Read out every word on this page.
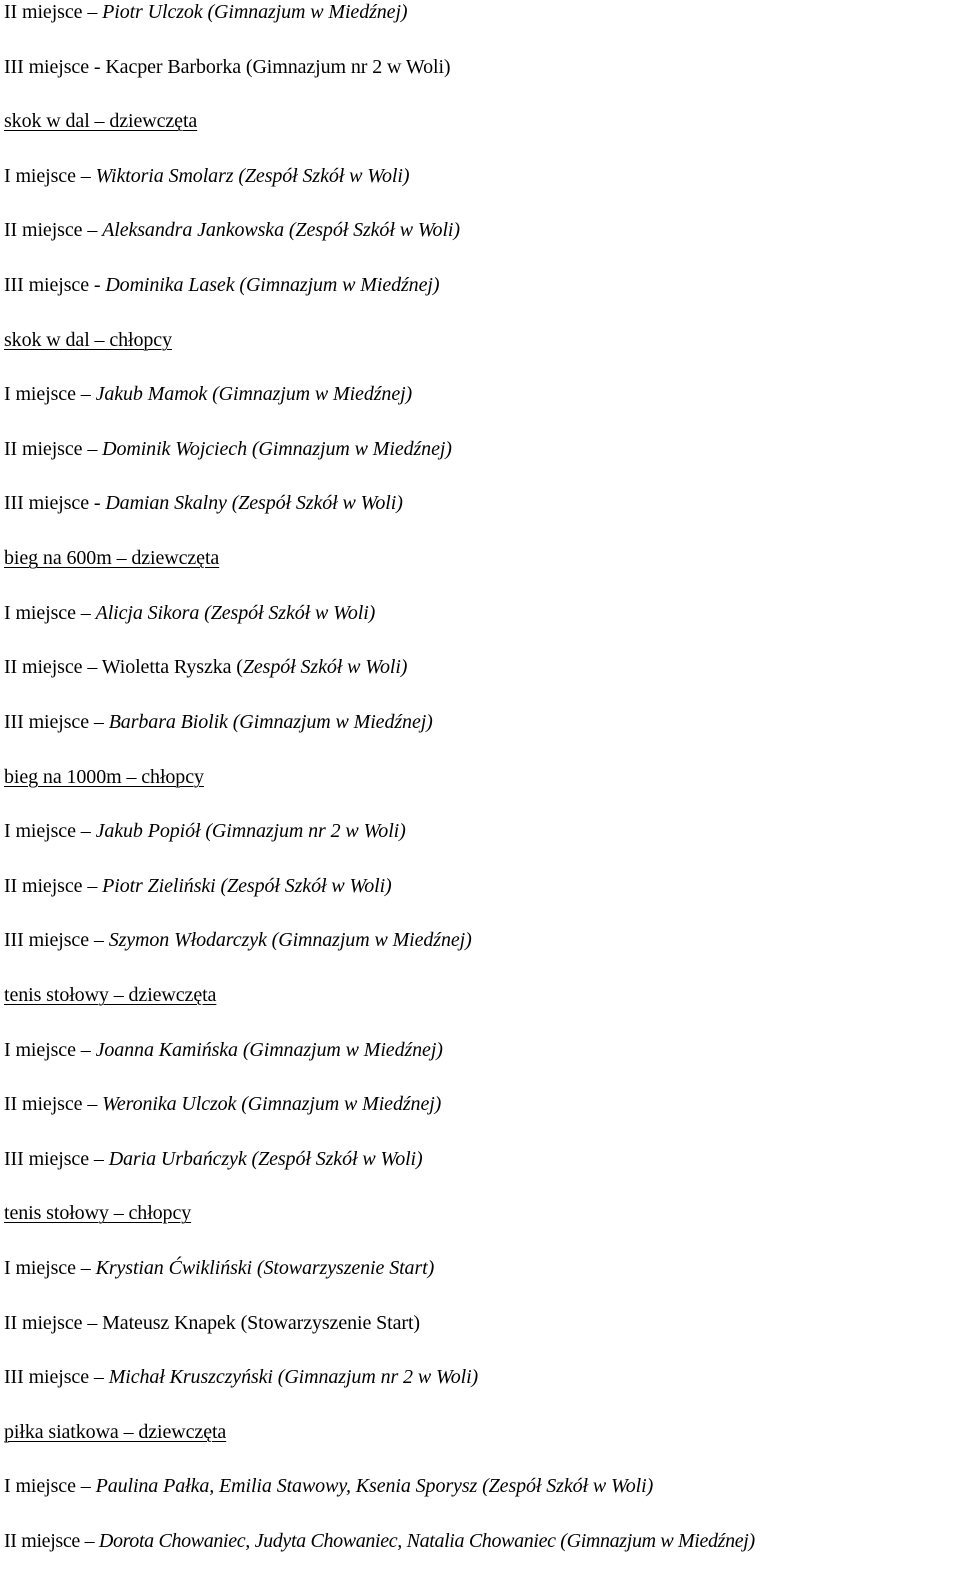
II miejsce – Piotr Ulczok (Gimnazjum w Miedźnej)
III miejsce - Kacper Barborka (Gimnazjum nr 2 w Woli)
skok w dal – dziewczęta
I miejsce – Wiktoria Smolarz (Zespół Szkół w Woli)
II miejsce – Aleksandra Jankowska (Zespół Szkół w Woli)
III miejsce - Dominika Lasek (Gimnazjum w Miedźnej)
skok w dal – chłopcy
I miejsce – Jakub Mamok (Gimnazjum w Miedźnej)
II miejsce – Dominik Wojciech (Gimnazjum w Miedźnej)
III miejsce - Damian Skalny (Zespół Szkół w Woli)
bieg na 600m – dziewczęta
I miejsce – Alicja Sikora (Zespół Szkół w Woli)
II miejsce – Wioletta Ryszka (Zespół Szkół w Woli)
III miejsce – Barbara Biolik (Gimnazjum w Miedźnej)
bieg na 1000m – chłopcy
I miejsce – Jakub Popiół (Gimnazjum nr 2 w Woli)
II miejsce – Piotr Zieliński (Zespół Szkół w Woli)
III miejsce – Szymon Włodarczyk (Gimnazjum w Miedźnej)
tenis stołowy – dziewczęta
I miejsce – Joanna Kamińska (Gimnazjum w Miedźnej)
II miejsce – Weronika Ulczok (Gimnazjum w Miedźnej)
III miejsce – Daria Urbańczyk (Zespół Szkół w Woli)
tenis stołowy – chłopcy
I miejsce – Krystian Ćwikliński (Stowarzyszenie Start)
II miejsce – Mateusz Knapek (Stowarzyszenie Start)
III miejsce – Michał Kruszczyński (Gimnazjum nr 2 w Woli)
piłka siatkowa – dziewczęta
I miejsce – Paulina Pałka, Emilia Stawowy, Ksenia Sporysz (Zespół Szkół w Woli)
II miejsce – Dorota Chowaniec, Judyta Chowaniec, Natalia Chowaniec (Gimnazjum w Miedźnej)
